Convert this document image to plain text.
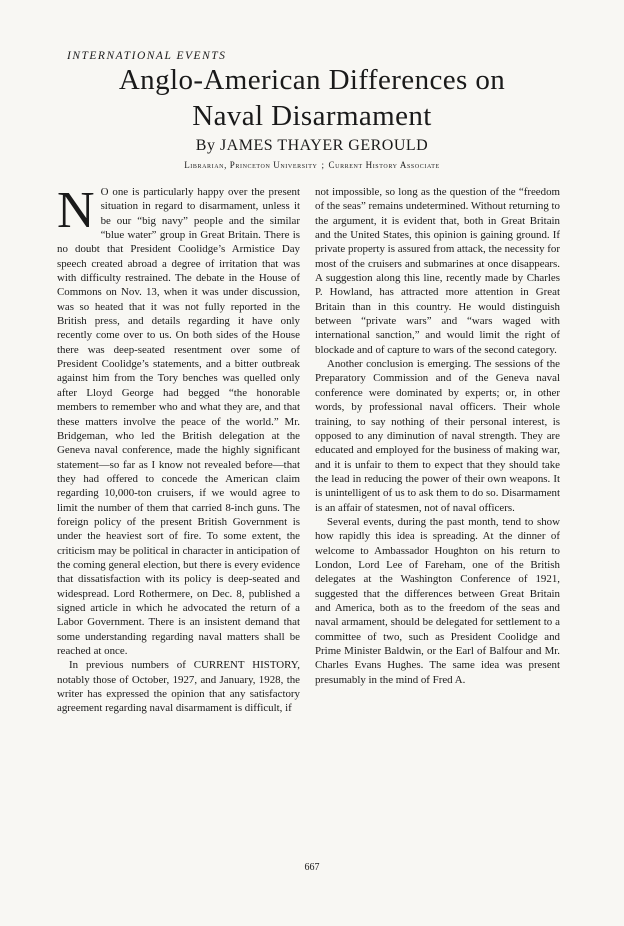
INTERNATIONAL EVENTS
Anglo-American Differences on
Naval Disarmament
By JAMES THAYER GEROULD
Librarian, Princeton University ; Current History Associate

N O one is particularly happy over the present situation in regard to disarmament, unless it be our “big navy” people and the similar “blue water” group in Great Britain. There is no doubt that President Coolidge’s Armistice Day speech created abroad a degree of irritation that was with difficulty restrained. The debate in the House of Commons on Nov. 13, when it was under discussion, was so heated that it was not fully reported in the British press, and details regarding it have only recently come over to us. On both sides of the House there was deep-seated resentment over some of President Coolidge’s statements, and a bitter outbreak against him from the Tory benches was quelled only after Lloyd George had begged “the honorable members to remember who and what they are, and that these matters involve the peace of the world.” Mr. Bridgeman, who led the British delegation at the Geneva naval conference, made the highly significant statement—so far as I know not revealed before—that they had offered to concede the American claim regarding 10,000-ton cruisers, if we would agree to limit the number of them that carried 8-inch guns. The foreign policy of the present British Government is under the heaviest sort of fire. To some extent, the criticism may be political in character in anticipation of the coming general election, but there is every evidence that dissatisfaction with its policy is deep-seated and widespread. Lord Rothermere, on Dec. 8, published a signed article in which he advocated the return of a Labor Government. There is an insistent demand that some understanding regarding naval matters shall be reached at once.

In previous numbers of CURRENT HISTORY, notably those of October, 1927, and January, 1928, the writer has expressed the opinion that any satisfactory agreement regarding naval disarmament is difficult, if

not impossible, so long as the question of the “freedom of the seas” remains undetermined. Without returning to the argument, it is evident that, both in Great Britain and the United States, this opinion is gaining ground. If private property is assured from attack, the necessity for most of the cruisers and submarines at once disappears. A suggestion along this line, recently made by Charles P. Howland, has attracted more attention in Great Britain than in this country. He would distinguish between “private wars” and “wars waged with international sanction,” and would limit the right of blockade and of capture to wars of the second category.

Another conclusion is emerging. The sessions of the Preparatory Commission and of the Geneva naval conference were dominated by experts; or, in other words, by professional naval officers. Their whole training, to say nothing of their personal interest, is opposed to any diminution of naval strength. They are educated and employed for the business of making war, and it is unfair to them to expect that they should take the lead in reducing the power of their own weapons. It is unintelligent of us to ask them to do so. Disarmament is an affair of statesmen, not of naval officers.

Several events, during the past month, tend to show how rapidly this idea is spreading. At the dinner of welcome to Ambassador Houghton on his return to London, Lord Lee of Fareham, one of the British delegates at the Washington Conference of 1921, suggested that the differences between Great Britain and America, both as to the freedom of the seas and naval armament, should be delegated for settlement to a committee of two, such as President Coolidge and Prime Minister Baldwin, or the Earl of Balfour and Mr. Charles Evans Hughes. The same idea was present presumably in the mind of Fred A.

667
